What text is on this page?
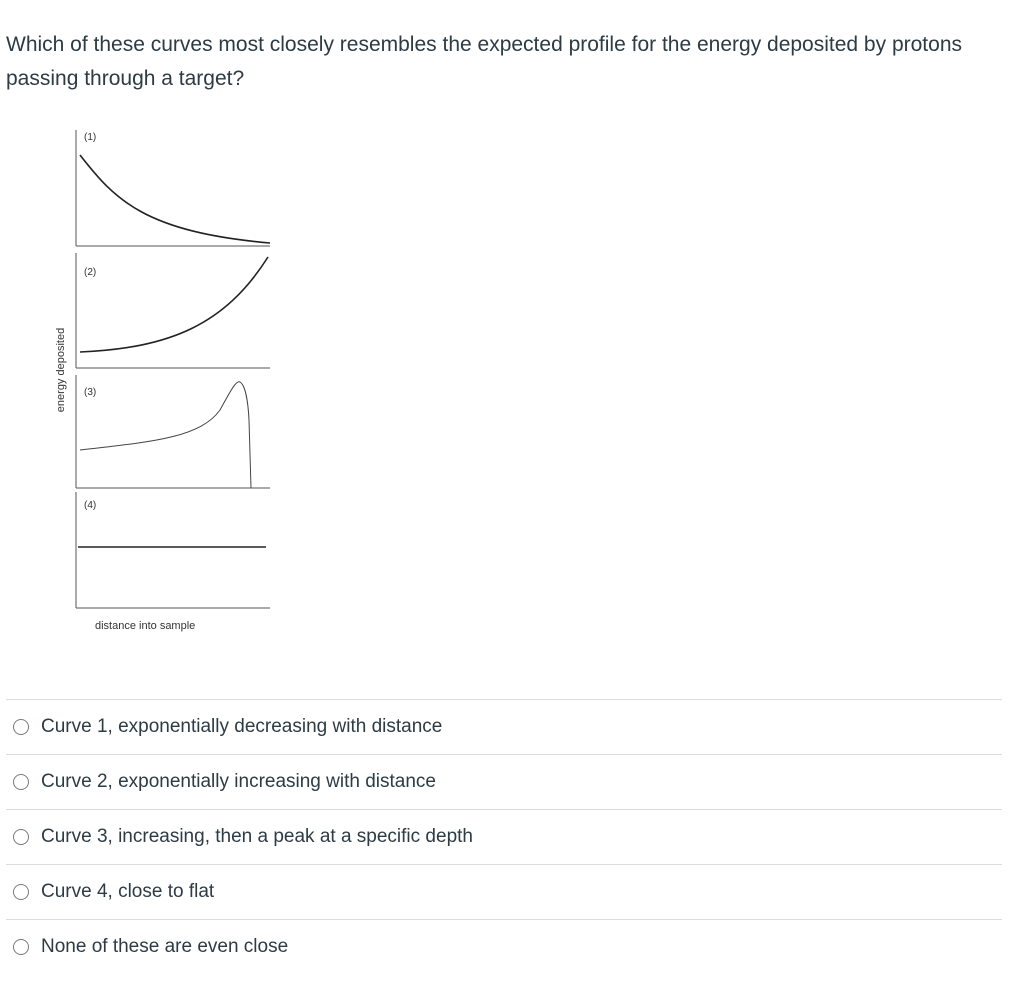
Which of these curves most closely resembles the expected profile for the energy deposited by protons passing through a target?

energy deposited
(1)
(2)
(3)
(4)
distance into sample
Curve 1, exponentially decreasing with distance
Curve 2, exponentially increasing with distance
Curve 3, increasing, then a peak at a specific depth
Curve 4, close to flat
None of these are even close
